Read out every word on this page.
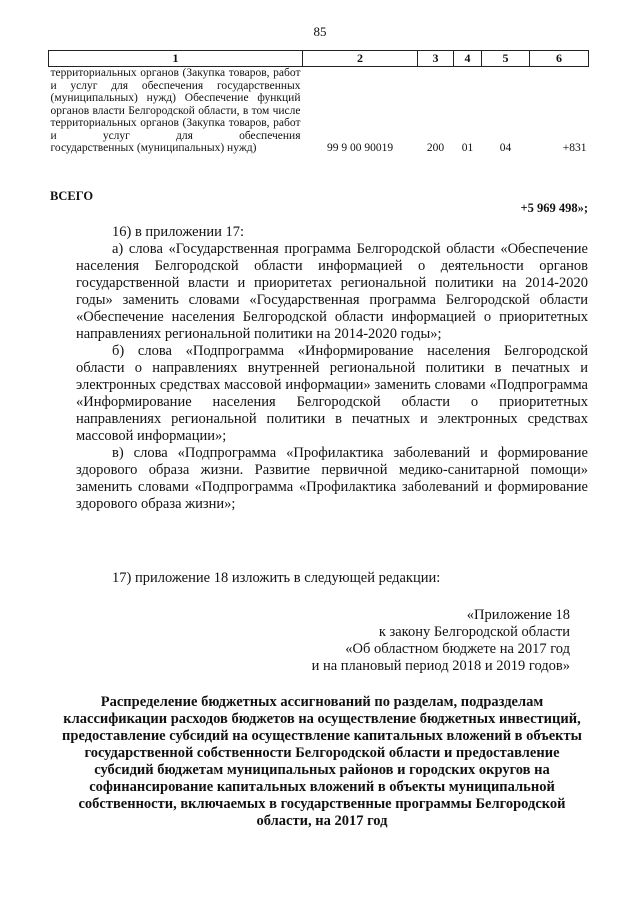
85
1	2	3	4	5	6
территориальных органов (Закупка товаров, работ и услуг для обеспечения государственных (муниципальных) нужд) Обеспечение функций органов власти Белгородской области, в том числе территориальных органов (Закупка товаров, работ и услуг для обеспечения
государственных (муниципальных) нужд)	99 9 00 90019	200	01	04	+831
ВСЕГО
+5 969 498»;

16) в приложении 17:

а) слова «Государственная программа Белгородской области «Обеспечение населения Белгородской области информацией о деятельности органов государственной власти и приоритетах региональной политики на 2014-2020 годы» заменить словами «Государственная программа Белгородской области «Обеспечение населения Белгородской области информацией о приоритетных направлениях региональной политики на 2014-2020 годы»;

б) слова «Подпрограмма «Информирование населения Белгородской области о направлениях внутренней региональной политики в печатных и электронных средствах массовой информации» заменить словами «Подпрограмма «Информирование населения Белгородской области о приоритетных направлениях региональной политики в печатных и электронных средствах массовой информации»;

в) слова «Подпрограмма «Профилактика заболеваний и формирование здорового образа жизни. Развитие первичной медико-санитарной помощи» заменить словами «Подпрограмма «Профилактика заболеваний и формирование здорового образа жизни»;

17) приложение 18 изложить в следующей редакции:

«Приложение 18
к закону Белгородской области
«Об областном бюджете на 2017 год
и на плановый период 2018 и 2019 годов»
Распределение бюджетных ассигнований по разделам, подразделам классификации расходов бюджетов на осуществление бюджетных инвестиций, предоставление субсидий на осуществление капитальных вложений в объекты государственной собственности Белгородской области и предоставление субсидий бюджетам муниципальных районов и городских округов на софинансирование капитальных вложений в объекты муниципальной собственности, включаемых в государственные программы Белгородской области, на 2017 год
